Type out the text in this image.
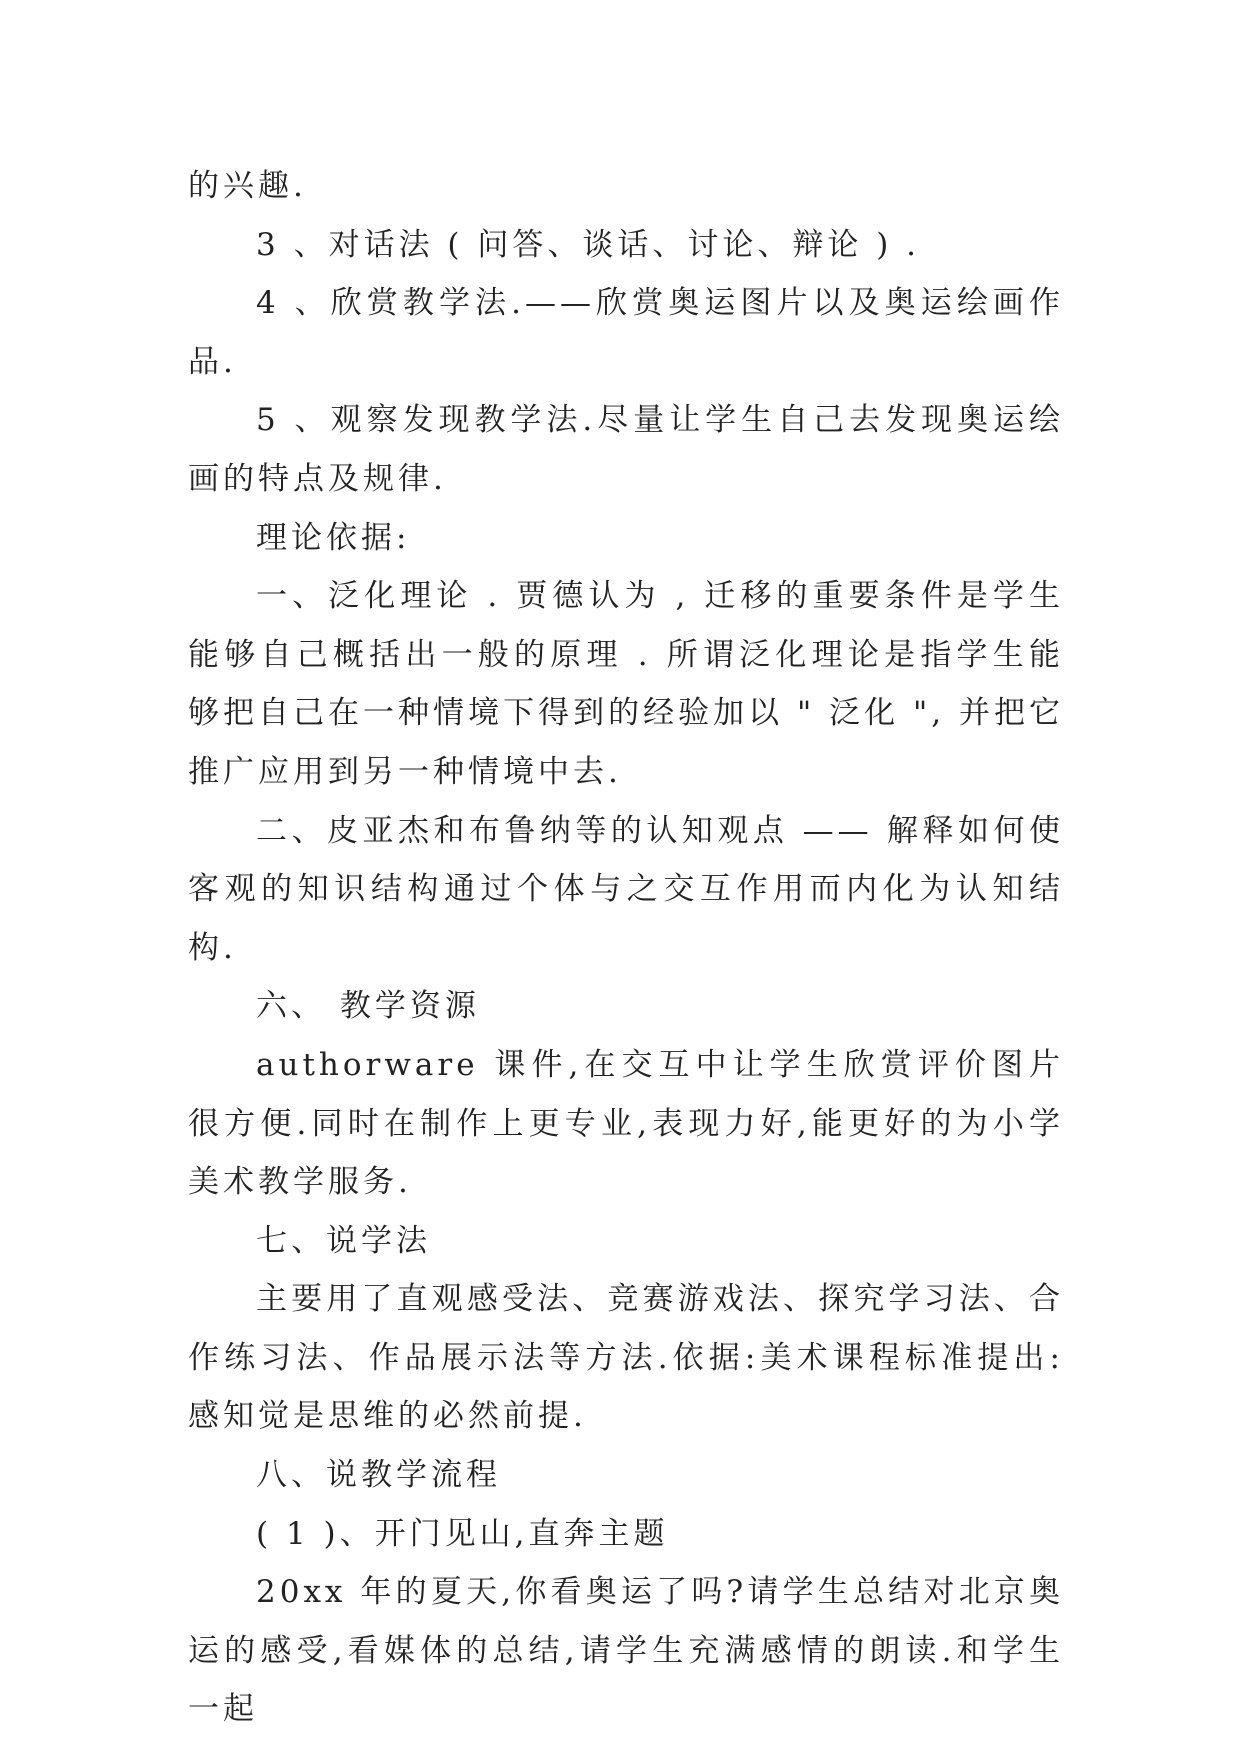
的兴趣.

3 、对话法 ( 问答、谈话、讨论、辩论 ) .

4 、欣赏教学法.——欣赏奥运图片以及奥运绘画作品.

5 、观察发现教学法.尽量让学生自己去发现奥运绘画的特点及规律.

理论依据:

一、泛化理论 . 贾德认为 , 迁移的重要条件是学生能够自己概括出一般的原理 . 所谓泛化理论是指学生能够把自己在一种情境下得到的经验加以 " 泛化 ", 并把它推广应用到另一种情境中去.

二、皮亚杰和布鲁纳等的认知观点 —— 解释如何使客观的知识结构通过个体与之交互作用而内化为认知结构.

六、 教学资源

authorware 课件,在交互中让学生欣赏评价图片很方便.同时在制作上更专业,表现力好,能更好的为小学美术教学服务.

七、说学法

主要用了直观感受法、竞赛游戏法、探究学习法、合作练习法、作品展示法等方法.依据:美术课程标准提出:感知觉是思维的必然前提.

八、说教学流程

( 1 )、开门见山,直奔主题

20xx 年的夏天,你看奥运了吗?请学生总结对北京奥运的感受,看媒体的总结,请学生充满感情的朗读.和学生一起
